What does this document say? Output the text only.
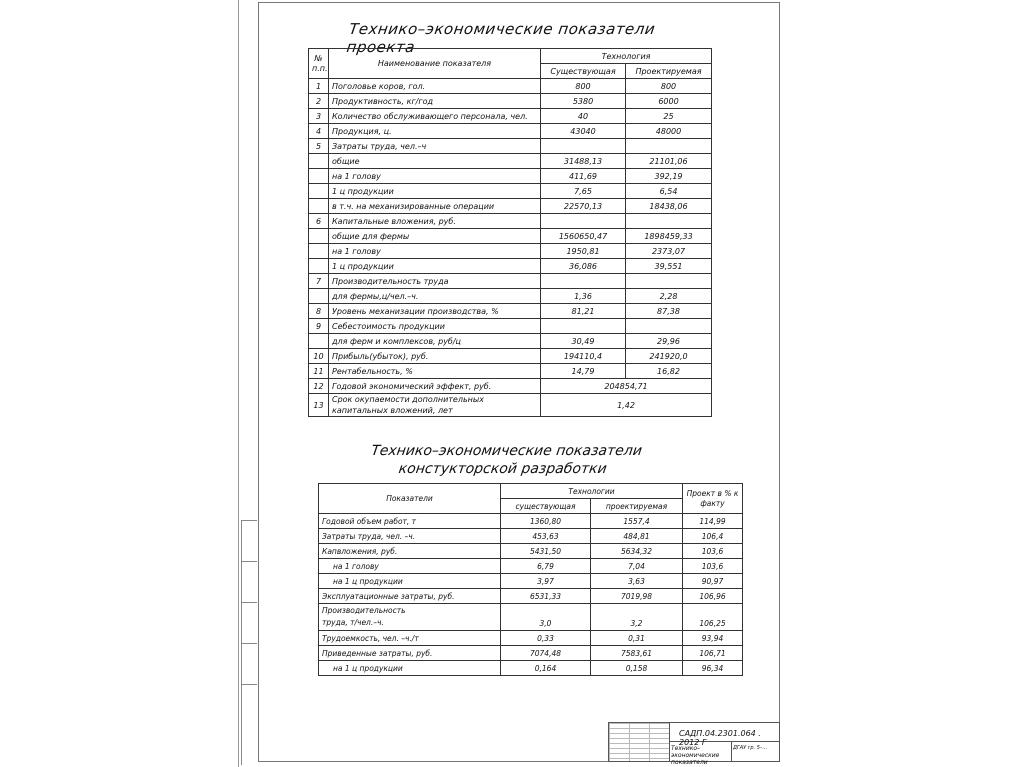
Технико–экономические показатели проекта
№ п.п.	Наименование показателя	Технология	
		Существующая	Проектируемая
1	Поголовье коров, гол.	800	800
2	Продуктивность, кг/год	5380	6000
3	Количество обслуживающего персонала, чел.	40	25
4	Продукция, ц.	43040	48000
5	Затраты труда, чел.–ч		
	общие	31488,13	21101,06
	на 1 голову	411,69	392,19
	1 ц продукции	7,65	6,54
	в т.ч. на механизированные операции	22570,13	18438,06
6	Капитальные вложения, руб.		
	общие для фермы	1560650,47	1898459,33
	на 1 голову	1950,81	2373,07
	1 ц продукции	36,086	39,551
7	Производительность труда		
	для фермы,ц/чел.–ч.	1,36	2,28
8	Уровень механизации производства, %	81,21	87,38
9	Себестоимость продукции		
	для ферм и комплексов, руб/ц	30,49	29,96
10	Прибыль(убыток), руб.	194110,4	241920,0
11	Рентабельность, %	14,79	16,82
12	Годовой экономический эффект, руб.	204854,71	
13	Срок окупаемости дополнительных капитальных вложений, лет	1,42	
Технико–экономические показатели
констукторской разработки
Показатели	Технологии		Проект в % к факту
	существующая	проектируемая	
Годовой объем работ, т	1360,80	1557,4	114,99
Затраты труда, чел. –ч.	453,63	484,81	106,4
Капвложения, руб.	5431,50	5634,32	103,6
на 1 голову	6,79	7,04	103,6
на 1 ц продукции	3,97	3,63	90,97
Эксплуатационные затраты, руб.	6531,33	7019,98	106,96

Производительность
труда, т/чел.–ч.	3,0	3,2	106,25
Трудоемкость, чел. –ч./т	0,33	0,31	93,94
Приведенные затраты, руб.	7074,48	7583,61	106,71
на 1 ц продукции	0,164	0,158	96,34
САДП.04.2301.064 . 2012 Г
Технико–экономические показатели
ДГАУ гр. 5–...
